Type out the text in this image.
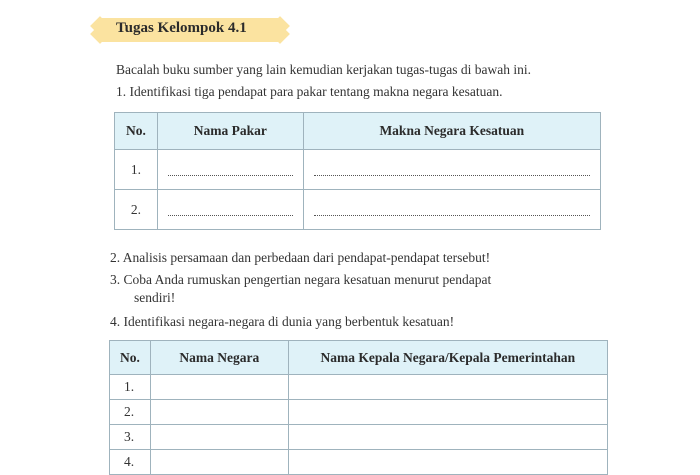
Tugas Kelompok 4.1
Bacalah buku sumber yang lain kemudian kerjakan tugas-tugas di bawah ini.
1. Identifikasi tiga pendapat para pakar tentang makna negara kesatuan.
No.	Nama Pakar	Makna Negara Kesatuan
1.	

2.	

2. Analisis persamaan dan perbedaan dari pendapat-pendapat tersebut!
3. Coba Anda rumuskan pengertian negara kesatuan menurut pendapat
sendiri!
4. Identifikasi negara-negara di dunia yang berbentuk kesatuan!
No.	Nama Negara	Nama Kepala Negara/Kepala Pemerintahan
1.		
2.		
3.		
4.		
